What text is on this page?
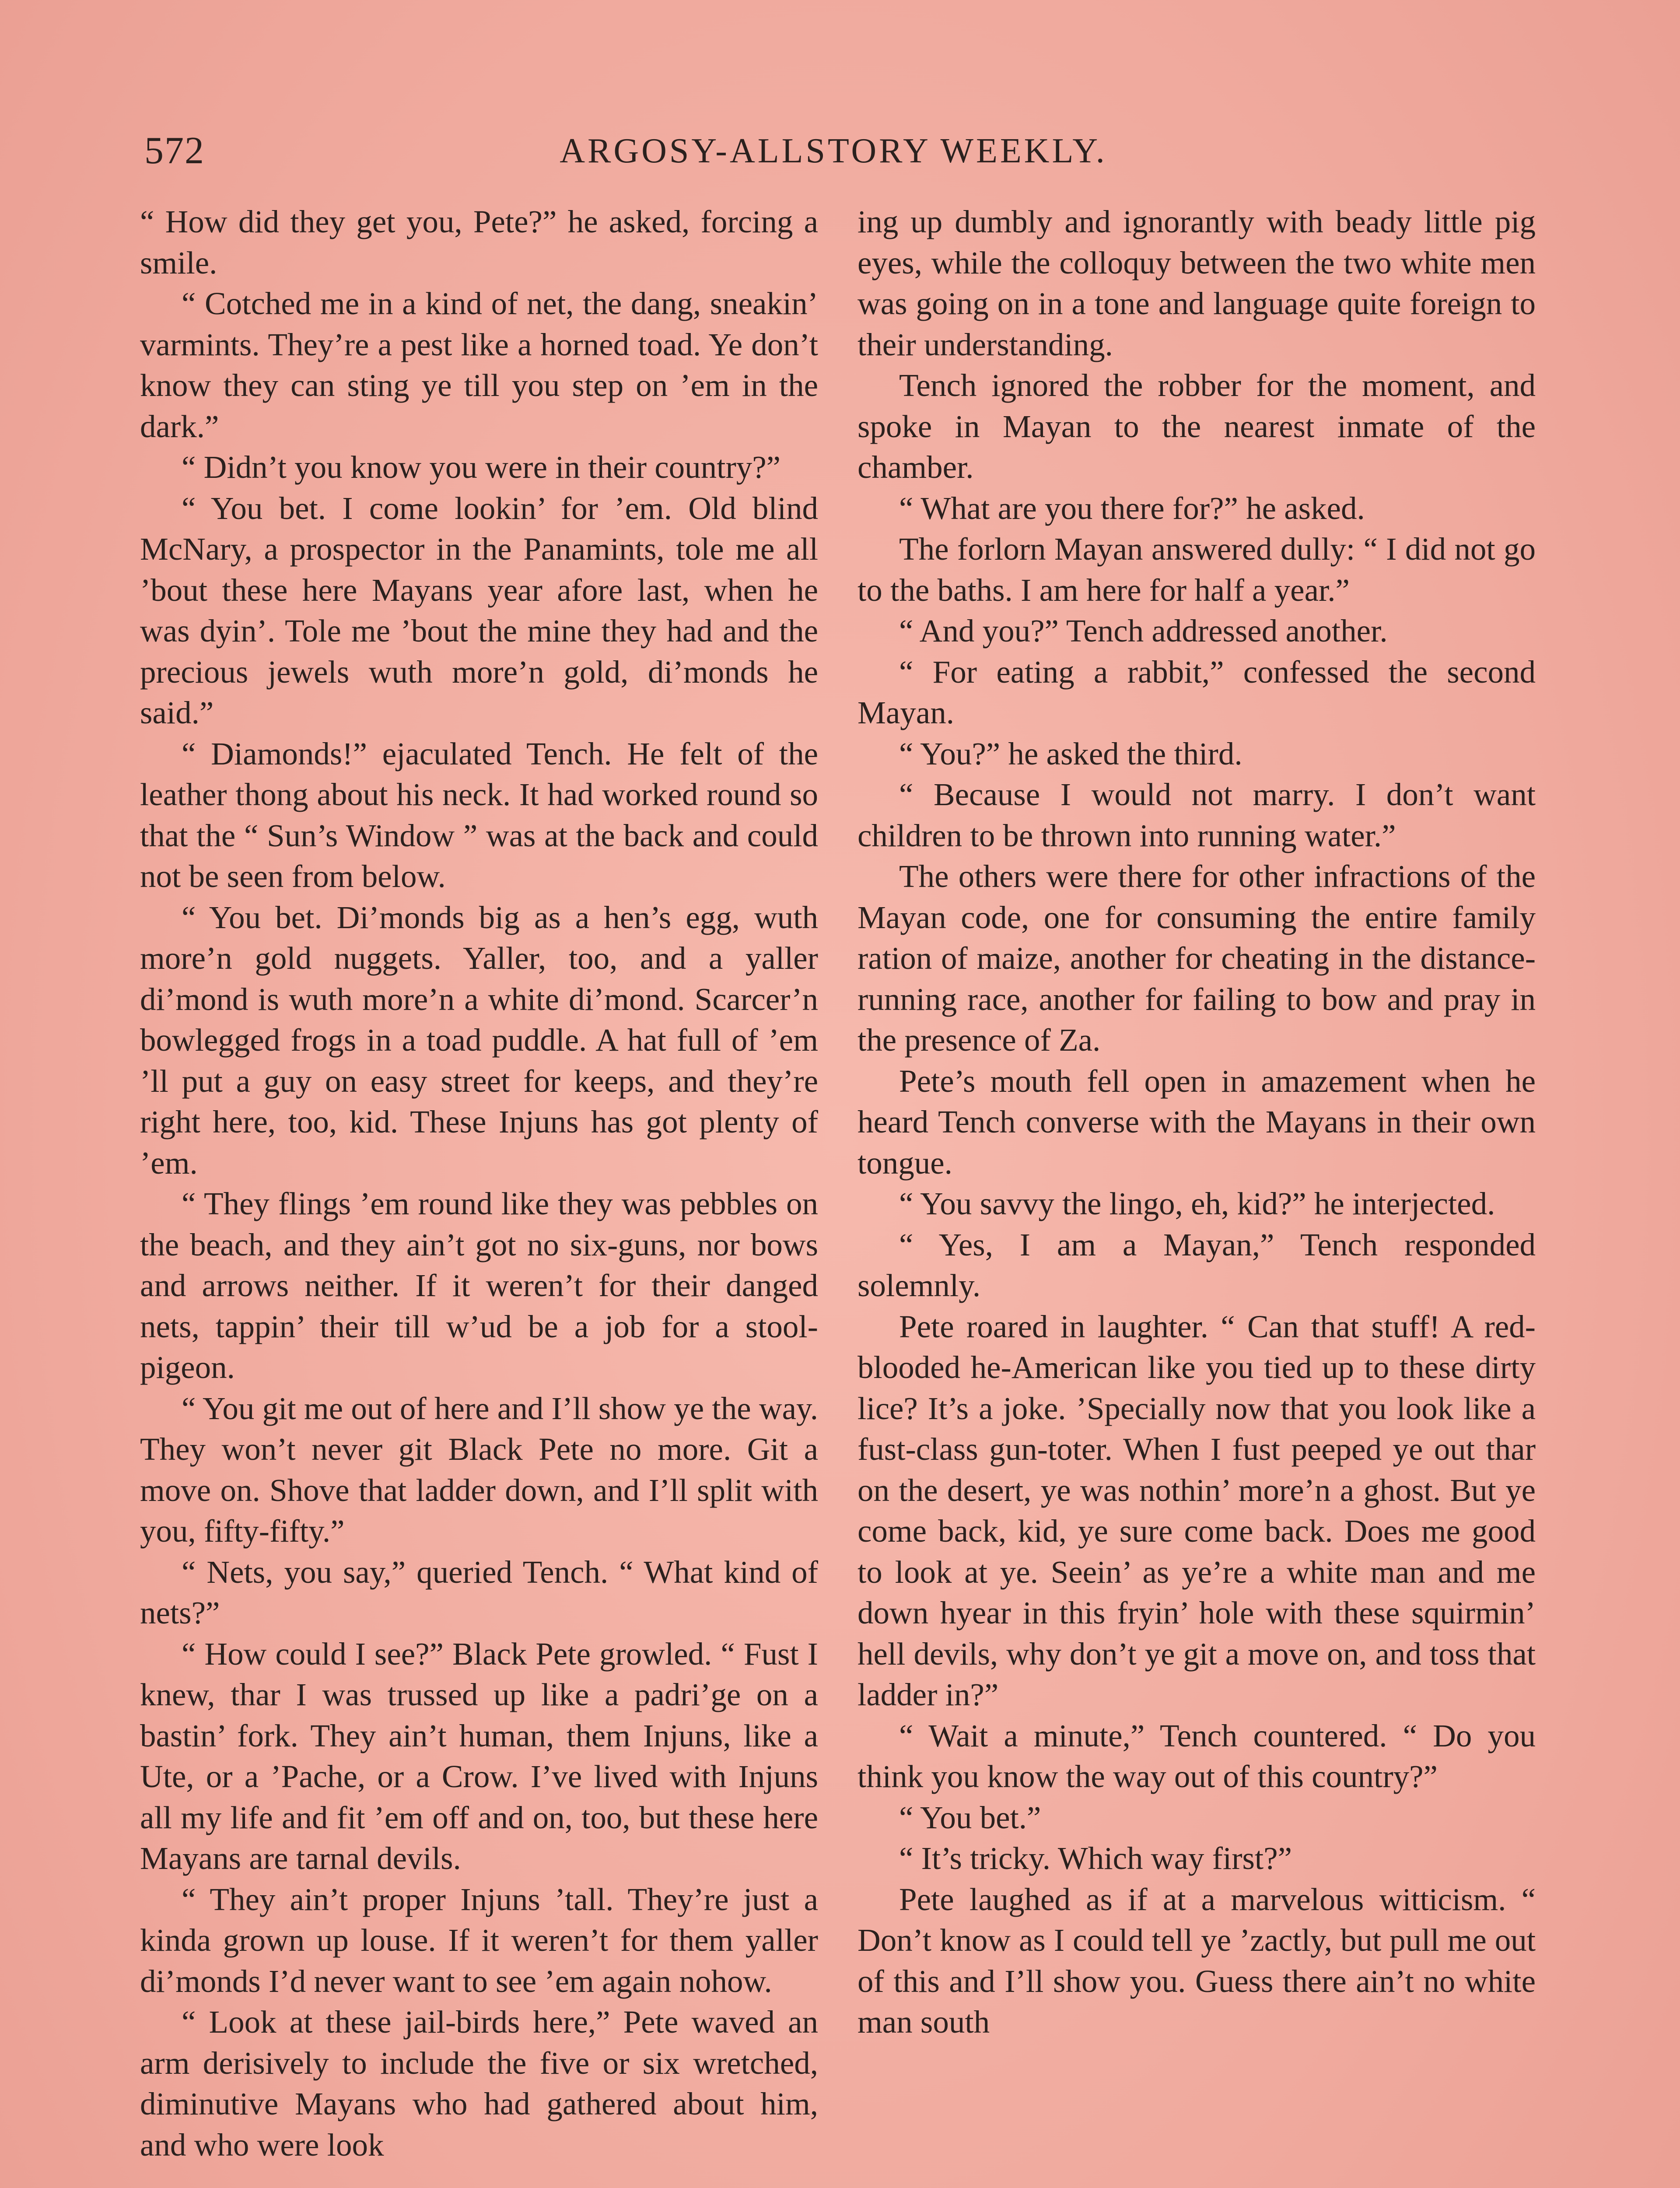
572	ARGOSY-ALLSTORY WEEKLY.

“ How did they get you, Pete?” he asked, forcing a smile.

“ Cotched me in a kind of net, the dang, sneakin’ varmints. They’re a pest like a horned toad. Ye don’t know they can sting ye till you step on ’em in the dark.”

“ Didn’t you know you were in their country?”

“ You bet. I come lookin’ for ’em. Old blind McNary, a prospector in the Panamints, tole me all ’bout these here Mayans year afore last, when he was dyin’. Tole me ’bout the mine they had and the precious jewels wuth more’n gold, di’monds he said.”

“ Diamonds!” ejaculated Tench. He felt of the leather thong about his neck. It had worked round so that the “ Sun’s Window ” was at the back and could not be seen from below.

“ You bet. Di’monds big as a hen’s egg, wuth more’n gold nuggets. Yaller, too, and a yaller di’mond is wuth more’n a white di’mond. Scarcer’n bowlegged frogs in a toad puddle. A hat full of ’em ’ll put a guy on easy street for keeps, and they’re right here, too, kid. These Injuns has got plenty of ’em.

“ They flings ’em round like they was pebbles on the beach, and they ain’t got no six-guns, nor bows and arrows neither. If it weren’t for their danged nets, tappin’ their till w’ud be a job for a stool-pigeon.

“ You git me out of here and I’ll show ye the way. They won’t never git Black Pete no more. Git a move on. Shove that ladder down, and I’ll split with you, fifty-fifty.”

“ Nets, you say,” queried Tench. “ What kind of nets?”

“ How could I see?” Black Pete growled. “ Fust I knew, thar I was trussed up like a padri’ge on a bastin’ fork. They ain’t human, them Injuns, like a Ute, or a ’Pache, or a Crow. I’ve lived with Injuns all my life and fit ’em off and on, too, but these here Mayans are tarnal devils.

“ They ain’t proper Injuns ’tall. They’re just a kinda grown up louse. If it weren’t for them yaller di’monds I’d never want to see ’em again nohow.

“ Look at these jail-birds here,” Pete waved an arm derisively to include the five or six wretched, diminutive Mayans who had gathered about him, and who were look

ing up dumbly and ignorantly with beady little pig eyes, while the colloquy between the two white men was going on in a tone and language quite foreign to their understanding.

Tench ignored the robber for the moment, and spoke in Mayan to the nearest inmate of the chamber.

“ What are you there for?” he asked.

The forlorn Mayan answered dully: “ I did not go to the baths. I am here for half a year.”

“ And you?” Tench addressed another.

“ For eating a rabbit,” confessed the second Mayan.

“ You?” he asked the third.

“ Because I would not marry. I don’t want children to be thrown into running water.”

The others were there for other infractions of the Mayan code, one for consuming the entire family ration of maize, another for cheating in the distance-running race, another for failing to bow and pray in the presence of Za.

Pete’s mouth fell open in amazement when he heard Tench converse with the Mayans in their own tongue.

“ You savvy the lingo, eh, kid?” he interjected.

“ Yes, I am a Mayan,” Tench responded solemnly.

Pete roared in laughter. “ Can that stuff! A red-blooded he-American like you tied up to these dirty lice? It’s a joke. ’Specially now that you look like a fust-class gun-toter. When I fust peeped ye out thar on the desert, ye was nothin’ more’n a ghost. But ye come back, kid, ye sure come back. Does me good to look at ye. Seein’ as ye’re a white man and me down hyear in this fryin’ hole with these squirmin’ hell devils, why don’t ye git a move on, and toss that ladder in?”

“ Wait a minute,” Tench countered. “ Do you think you know the way out of this country?”

“ You bet.”

“ It’s tricky. Which way first?”

Pete laughed as if at a marvelous witticism. “ Don’t know as I could tell ye ’zactly, but pull me out of this and I’ll show you. Guess there ain’t no white man south
